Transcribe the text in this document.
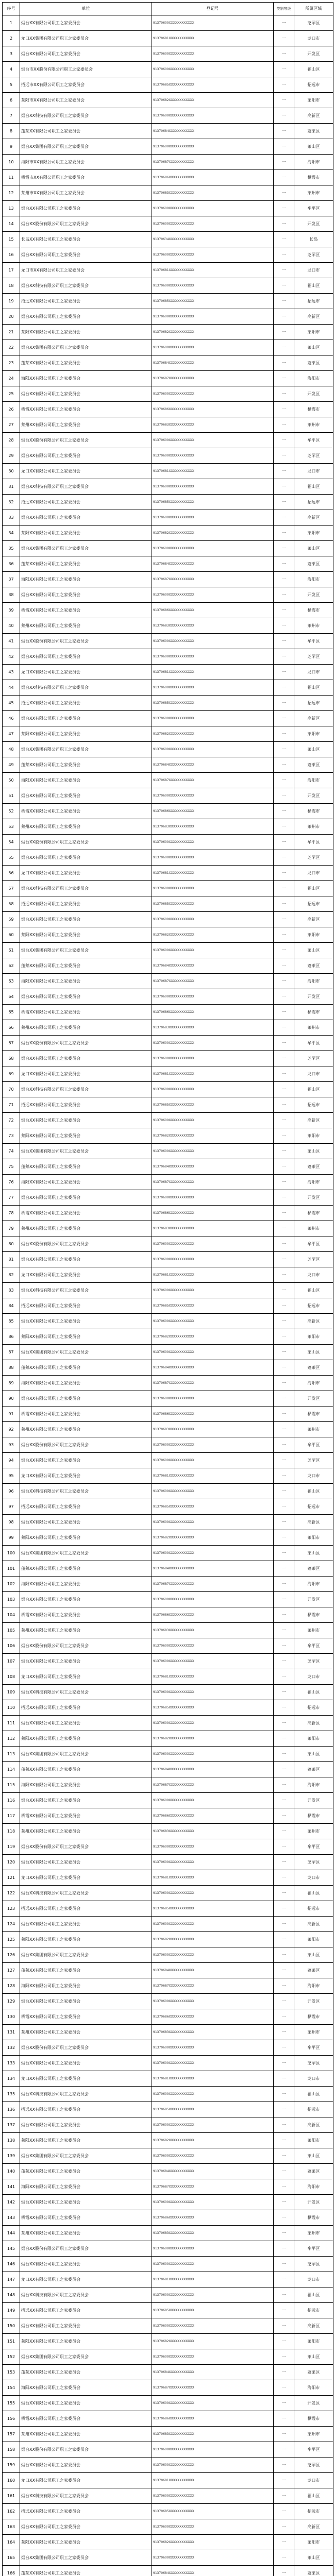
序号	单位	登记号	类别等级	所属区域
1	烟台XX有限公司职工之家委员会	91370600XXXXXXXXXXXX	一	芝罘区
2	龙口XX集团有限公司职工之家委员会	91370681XXXXXXXXXXXX	一	龙口市
3	烟台XX有限公司职工之家委员会	91370600XXXXXXXXXXXX	一	开发区
4	烟台市XX股份有限公司职工之家委员会	91370600XXXXXXXXXXXX	一	福山区
5	招远市XX有限公司职工之家委员会	91370685XXXXXXXXXXXX	一	招远市
6	莱阳市XX有限公司职工之家委员会	91370682XXXXXXXXXXXX	一	莱阳市
7	烟台XX科技有限公司职工之家委员会	91370600XXXXXXXXXXXX	一	高新区
8	蓬莱XX有限公司职工之家委员会	91370684XXXXXXXXXXXX	一	蓬莱区
9	烟台XX集团有限公司职工之家委员会	91370600XXXXXXXXXXXX	一	莱山区
10	海阳市XX有限公司职工之家委员会	91370687XXXXXXXXXXXX	一	海阳市
11	栖霞市XX有限公司职工之家委员会	91370686XXXXXXXXXXXX	一	栖霞市
12	莱州市XX有限公司职工之家委员会	91370683XXXXXXXXXXXX	一	莱州市
13	烟台XX有限公司职工之家委员会	91370600XXXXXXXXXXXX	一	牟平区
14	烟台XX股份有限公司职工之家委员会	91370600XXXXXXXXXXXX	一	开发区
15	长岛XX有限公司职工之家委员会	91370634XXXXXXXXXXXX	一	长岛
16	烟台XX有限公司职工之家委员会	91370600XXXXXXXXXXXX	一	芝罘区
17	龙口市XX有限公司职工之家委员会	91370681XXXXXXXXXXXX	一	龙口市
18	烟台XX科技有限公司职工之家委员会	91370600XXXXXXXXXXXX	一	福山区
19	招远XX有限公司职工之家委员会	91370685XXXXXXXXXXXX	一	招远市
20	烟台XX有限公司职工之家委员会	91370600XXXXXXXXXXXX	一	高新区
21	莱阳XX有限公司职工之家委员会	91370682XXXXXXXXXXXX	一	莱阳市
22	烟台XX集团有限公司职工之家委员会	91370600XXXXXXXXXXXX	一	莱山区
23	蓬莱XX有限公司职工之家委员会	91370684XXXXXXXXXXXX	一	蓬莱区
24	海阳XX有限公司职工之家委员会	91370687XXXXXXXXXXXX	一	海阳市
25	烟台XX有限公司职工之家委员会	91370600XXXXXXXXXXXX	一	开发区
26	栖霞XX有限公司职工之家委员会	91370686XXXXXXXXXXXX	一	栖霞市
27	莱州XX有限公司职工之家委员会	91370683XXXXXXXXXXXX	一	莱州市
28	烟台XX股份有限公司职工之家委员会	91370600XXXXXXXXXXXX	一	牟平区
29	烟台XX有限公司职工之家委员会	91370600XXXXXXXXXXXX	一	芝罘区
30	龙口XX有限公司职工之家委员会	91370681XXXXXXXXXXXX	一	龙口市
31	烟台XX科技有限公司职工之家委员会	91370600XXXXXXXXXXXX	一	福山区
32	招远XX有限公司职工之家委员会	91370685XXXXXXXXXXXX	一	招远市
33	烟台XX有限公司职工之家委员会	91370600XXXXXXXXXXXX	一	高新区
34	莱阳XX有限公司职工之家委员会	91370682XXXXXXXXXXXX	一	莱阳市
35	烟台XX集团有限公司职工之家委员会	91370600XXXXXXXXXXXX	一	莱山区
36	蓬莱XX有限公司职工之家委员会	91370684XXXXXXXXXXXX	一	蓬莱区
37	海阳XX有限公司职工之家委员会	91370687XXXXXXXXXXXX	一	海阳市
38	烟台XX有限公司职工之家委员会	91370600XXXXXXXXXXXX	一	开发区
39	栖霞XX有限公司职工之家委员会	91370686XXXXXXXXXXXX	一	栖霞市
40	莱州XX有限公司职工之家委员会	91370683XXXXXXXXXXXX	一	莱州市
41	烟台XX股份有限公司职工之家委员会	91370600XXXXXXXXXXXX	一	牟平区
42	烟台XX有限公司职工之家委员会	91370600XXXXXXXXXXXX	一	芝罘区
43	龙口XX有限公司职工之家委员会	91370681XXXXXXXXXXXX	一	龙口市
44	烟台XX科技有限公司职工之家委员会	91370600XXXXXXXXXXXX	一	福山区
45	招远XX有限公司职工之家委员会	91370685XXXXXXXXXXXX	一	招远市
46	烟台XX有限公司职工之家委员会	91370600XXXXXXXXXXXX	一	高新区
47	莱阳XX有限公司职工之家委员会	91370682XXXXXXXXXXXX	一	莱阳市
48	烟台XX集团有限公司职工之家委员会	91370600XXXXXXXXXXXX	一	莱山区
49	蓬莱XX有限公司职工之家委员会	91370684XXXXXXXXXXXX	一	蓬莱区
50	海阳XX有限公司职工之家委员会	91370687XXXXXXXXXXXX	一	海阳市
51	烟台XX有限公司职工之家委员会	91370600XXXXXXXXXXXX	一	开发区
52	栖霞XX有限公司职工之家委员会	91370686XXXXXXXXXXXX	一	栖霞市
53	莱州XX有限公司职工之家委员会	91370683XXXXXXXXXXXX	一	莱州市
54	烟台XX股份有限公司职工之家委员会	91370600XXXXXXXXXXXX	一	牟平区
55	烟台XX有限公司职工之家委员会	91370600XXXXXXXXXXXX	一	芝罘区
56	龙口XX有限公司职工之家委员会	91370681XXXXXXXXXXXX	一	龙口市
57	烟台XX科技有限公司职工之家委员会	91370600XXXXXXXXXXXX	一	福山区
58	招远XX有限公司职工之家委员会	91370685XXXXXXXXXXXX	一	招远市
59	烟台XX有限公司职工之家委员会	91370600XXXXXXXXXXXX	一	高新区
60	莱阳XX有限公司职工之家委员会	91370682XXXXXXXXXXXX	一	莱阳市
61	烟台XX集团有限公司职工之家委员会	91370600XXXXXXXXXXXX	一	莱山区
62	蓬莱XX有限公司职工之家委员会	91370684XXXXXXXXXXXX	一	蓬莱区
63	海阳XX有限公司职工之家委员会	91370687XXXXXXXXXXXX	一	海阳市
64	烟台XX有限公司职工之家委员会	91370600XXXXXXXXXXXX	一	开发区
65	栖霞XX有限公司职工之家委员会	91370686XXXXXXXXXXXX	一	栖霞市
66	莱州XX有限公司职工之家委员会	91370683XXXXXXXXXXXX	一	莱州市
67	烟台XX股份有限公司职工之家委员会	91370600XXXXXXXXXXXX	一	牟平区
68	烟台XX有限公司职工之家委员会	91370600XXXXXXXXXXXX	一	芝罘区
69	龙口XX有限公司职工之家委员会	91370681XXXXXXXXXXXX	一	龙口市
70	烟台XX科技有限公司职工之家委员会	91370600XXXXXXXXXXXX	一	福山区
71	招远XX有限公司职工之家委员会	91370685XXXXXXXXXXXX	一	招远市
72	烟台XX有限公司职工之家委员会	91370600XXXXXXXXXXXX	一	高新区
73	莱阳XX有限公司职工之家委员会	91370682XXXXXXXXXXXX	一	莱阳市
74	烟台XX集团有限公司职工之家委员会	91370600XXXXXXXXXXXX	一	莱山区
75	蓬莱XX有限公司职工之家委员会	91370684XXXXXXXXXXXX	一	蓬莱区
76	海阳XX有限公司职工之家委员会	91370687XXXXXXXXXXXX	一	海阳市
77	烟台XX有限公司职工之家委员会	91370600XXXXXXXXXXXX	一	开发区
78	栖霞XX有限公司职工之家委员会	91370686XXXXXXXXXXXX	一	栖霞市
79	莱州XX有限公司职工之家委员会	91370683XXXXXXXXXXXX	一	莱州市
80	烟台XX股份有限公司职工之家委员会	91370600XXXXXXXXXXXX	一	牟平区
81	烟台XX有限公司职工之家委员会	91370600XXXXXXXXXXXX	一	芝罘区
82	龙口XX有限公司职工之家委员会	91370681XXXXXXXXXXXX	一	龙口市
83	烟台XX科技有限公司职工之家委员会	91370600XXXXXXXXXXXX	一	福山区
84	招远XX有限公司职工之家委员会	91370685XXXXXXXXXXXX	一	招远市
85	烟台XX有限公司职工之家委员会	91370600XXXXXXXXXXXX	一	高新区
86	莱阳XX有限公司职工之家委员会	91370682XXXXXXXXXXXX	一	莱阳市
87	烟台XX集团有限公司职工之家委员会	91370600XXXXXXXXXXXX	一	莱山区
88	蓬莱XX有限公司职工之家委员会	91370684XXXXXXXXXXXX	一	蓬莱区
89	海阳XX有限公司职工之家委员会	91370687XXXXXXXXXXXX	一	海阳市
90	烟台XX有限公司职工之家委员会	91370600XXXXXXXXXXXX	一	开发区
91	栖霞XX有限公司职工之家委员会	91370686XXXXXXXXXXXX	一	栖霞市
92	莱州XX有限公司职工之家委员会	91370683XXXXXXXXXXXX	一	莱州市
93	烟台XX股份有限公司职工之家委员会	91370600XXXXXXXXXXXX	一	牟平区
94	烟台XX有限公司职工之家委员会	91370600XXXXXXXXXXXX	一	芝罘区
95	龙口XX有限公司职工之家委员会	91370681XXXXXXXXXXXX	一	龙口市
96	烟台XX科技有限公司职工之家委员会	91370600XXXXXXXXXXXX	一	福山区
97	招远XX有限公司职工之家委员会	91370685XXXXXXXXXXXX	一	招远市
98	烟台XX有限公司职工之家委员会	91370600XXXXXXXXXXXX	一	高新区
99	莱阳XX有限公司职工之家委员会	91370682XXXXXXXXXXXX	一	莱阳市
100	烟台XX集团有限公司职工之家委员会	91370600XXXXXXXXXXXX	一	莱山区
101	蓬莱XX有限公司职工之家委员会	91370684XXXXXXXXXXXX	一	蓬莱区
102	海阳XX有限公司职工之家委员会	91370687XXXXXXXXXXXX	一	海阳市
103	烟台XX有限公司职工之家委员会	91370600XXXXXXXXXXXX	一	开发区
104	栖霞XX有限公司职工之家委员会	91370686XXXXXXXXXXXX	一	栖霞市
105	莱州XX有限公司职工之家委员会	91370683XXXXXXXXXXXX	一	莱州市
106	烟台XX股份有限公司职工之家委员会	91370600XXXXXXXXXXXX	一	牟平区
107	烟台XX有限公司职工之家委员会	91370600XXXXXXXXXXXX	一	芝罘区
108	龙口XX有限公司职工之家委员会	91370681XXXXXXXXXXXX	一	龙口市
109	烟台XX科技有限公司职工之家委员会	91370600XXXXXXXXXXXX	一	福山区
110	招远XX有限公司职工之家委员会	91370685XXXXXXXXXXXX	一	招远市
111	烟台XX有限公司职工之家委员会	91370600XXXXXXXXXXXX	一	高新区
112	莱阳XX有限公司职工之家委员会	91370682XXXXXXXXXXXX	一	莱阳市
113	烟台XX集团有限公司职工之家委员会	91370600XXXXXXXXXXXX	一	莱山区
114	蓬莱XX有限公司职工之家委员会	91370684XXXXXXXXXXXX	一	蓬莱区
115	海阳XX有限公司职工之家委员会	91370687XXXXXXXXXXXX	一	海阳市
116	烟台XX有限公司职工之家委员会	91370600XXXXXXXXXXXX	一	开发区
117	栖霞XX有限公司职工之家委员会	91370686XXXXXXXXXXXX	一	栖霞市
118	莱州XX有限公司职工之家委员会	91370683XXXXXXXXXXXX	一	莱州市
119	烟台XX股份有限公司职工之家委员会	91370600XXXXXXXXXXXX	一	牟平区
120	烟台XX有限公司职工之家委员会	91370600XXXXXXXXXXXX	一	芝罘区
121	龙口XX有限公司职工之家委员会	91370681XXXXXXXXXXXX	一	龙口市
122	烟台XX科技有限公司职工之家委员会	91370600XXXXXXXXXXXX	一	福山区
123	招远XX有限公司职工之家委员会	91370685XXXXXXXXXXXX	一	招远市
124	烟台XX有限公司职工之家委员会	91370600XXXXXXXXXXXX	一	高新区
125	莱阳XX有限公司职工之家委员会	91370682XXXXXXXXXXXX	一	莱阳市
126	烟台XX集团有限公司职工之家委员会	91370600XXXXXXXXXXXX	一	莱山区
127	蓬莱XX有限公司职工之家委员会	91370684XXXXXXXXXXXX	一	蓬莱区
128	海阳XX有限公司职工之家委员会	91370687XXXXXXXXXXXX	一	海阳市
129	烟台XX有限公司职工之家委员会	91370600XXXXXXXXXXXX	一	开发区
130	栖霞XX有限公司职工之家委员会	91370686XXXXXXXXXXXX	一	栖霞市
131	莱州XX有限公司职工之家委员会	91370683XXXXXXXXXXXX	一	莱州市
132	烟台XX股份有限公司职工之家委员会	91370600XXXXXXXXXXXX	一	牟平区
133	烟台XX有限公司职工之家委员会	91370600XXXXXXXXXXXX	一	芝罘区
134	龙口XX有限公司职工之家委员会	91370681XXXXXXXXXXXX	一	龙口市
135	烟台XX科技有限公司职工之家委员会	91370600XXXXXXXXXXXX	一	福山区
136	招远XX有限公司职工之家委员会	91370685XXXXXXXXXXXX	一	招远市
137	烟台XX有限公司职工之家委员会	91370600XXXXXXXXXXXX	一	高新区
138	莱阳XX有限公司职工之家委员会	91370682XXXXXXXXXXXX	一	莱阳市
139	烟台XX集团有限公司职工之家委员会	91370600XXXXXXXXXXXX	一	莱山区
140	蓬莱XX有限公司职工之家委员会	91370684XXXXXXXXXXXX	一	蓬莱区
141	海阳XX有限公司职工之家委员会	91370687XXXXXXXXXXXX	一	海阳市
142	烟台XX有限公司职工之家委员会	91370600XXXXXXXXXXXX	一	开发区
143	栖霞XX有限公司职工之家委员会	91370686XXXXXXXXXXXX	一	栖霞市
144	莱州XX有限公司职工之家委员会	91370683XXXXXXXXXXXX	一	莱州市
145	烟台XX股份有限公司职工之家委员会	91370600XXXXXXXXXXXX	一	牟平区
146	烟台XX有限公司职工之家委员会	91370600XXXXXXXXXXXX	一	芝罘区
147	龙口XX有限公司职工之家委员会	91370681XXXXXXXXXXXX	一	龙口市
148	烟台XX科技有限公司职工之家委员会	91370600XXXXXXXXXXXX	一	福山区
149	招远XX有限公司职工之家委员会	91370685XXXXXXXXXXXX	一	招远市
150	烟台XX有限公司职工之家委员会	91370600XXXXXXXXXXXX	一	高新区
151	莱阳XX有限公司职工之家委员会	91370682XXXXXXXXXXXX	一	莱阳市
152	烟台XX集团有限公司职工之家委员会	91370600XXXXXXXXXXXX	一	莱山区
153	蓬莱XX有限公司职工之家委员会	91370684XXXXXXXXXXXX	一	蓬莱区
154	海阳XX有限公司职工之家委员会	91370687XXXXXXXXXXXX	一	海阳市
155	烟台XX有限公司职工之家委员会	91370600XXXXXXXXXXXX	一	开发区
156	栖霞XX有限公司职工之家委员会	91370686XXXXXXXXXXXX	一	栖霞市
157	莱州XX有限公司职工之家委员会	91370683XXXXXXXXXXXX	一	莱州市
158	烟台XX股份有限公司职工之家委员会	91370600XXXXXXXXXXXX	一	牟平区
159	烟台XX有限公司职工之家委员会	91370600XXXXXXXXXXXX	一	芝罘区
160	龙口XX有限公司职工之家委员会	91370681XXXXXXXXXXXX	一	龙口市
161	烟台XX科技有限公司职工之家委员会	91370600XXXXXXXXXXXX	一	福山区
162	招远XX有限公司职工之家委员会	91370685XXXXXXXXXXXX	一	招远市
163	烟台XX有限公司职工之家委员会	91370600XXXXXXXXXXXX	一	高新区
164	莱阳XX有限公司职工之家委员会	91370682XXXXXXXXXXXX	一	莱阳市
165	烟台XX集团有限公司职工之家委员会	91370600XXXXXXXXXXXX	一	莱山区
166	蓬莱XX有限公司职工之家委员会	91370684XXXXXXXXXXXX	一	蓬莱区
